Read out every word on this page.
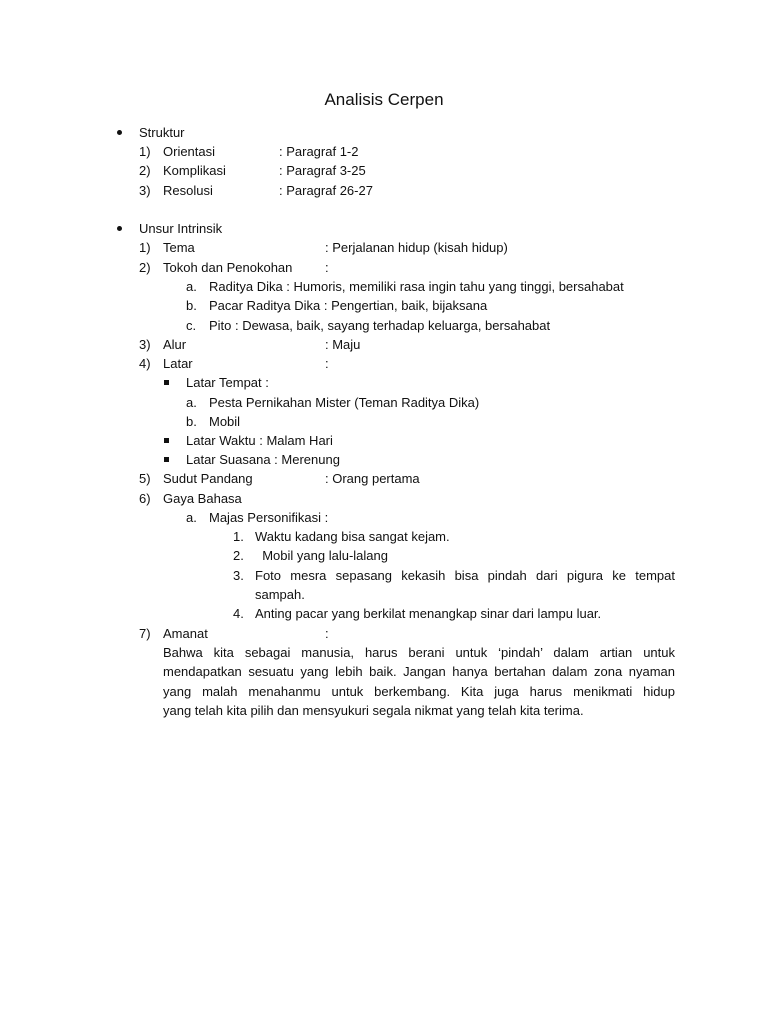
Analisis Cerpen
Struktur
1) Orientasi	: Paragraf 1-2
2) Komplikasi	: Paragraf 3-25
3) Resolusi	: Paragraf 26-27
Unsur Intrinsik
1) Tema	: Perjalanan hidup (kisah hidup)
2) Tokoh dan Penokohan	:
a. Raditya Dika : Humoris, memiliki rasa ingin tahu yang tinggi, bersahabat
b. Pacar Raditya Dika : Pengertian, baik, bijaksana
c. Pito : Dewasa, baik, sayang terhadap keluarga, bersahabat
3) Alur	: Maju
4) Latar	:
Latar Tempat :
a. Pesta Pernikahan Mister (Teman Raditya Dika)
b. Mobil
Latar Waktu : Malam Hari
Latar Suasana : Merenung
5) Sudut Pandang	: Orang pertama
6) Gaya Bahasa
a. Majas Personifikasi :
1. Waktu kadang bisa sangat kejam.
2. Mobil yang lalu-lalang
3. Foto mesra sepasang kekasih bisa pindah dari pigura ke tempat
sampah.
4. Anting pacar yang berkilat menangkap sinar dari lampu luar.
7) Amanat	:
Bahwa kita sebagai manusia, harus berani untuk ‘pindah’ dalam artian untuk
mendapatkan sesuatu yang lebih baik. Jangan hanya bertahan dalam zona nyaman
yang malah menahanmu untuk berkembang. Kita juga harus menikmati hidup
yang telah kita pilih dan mensyukuri segala nikmat yang telah kita terima.
